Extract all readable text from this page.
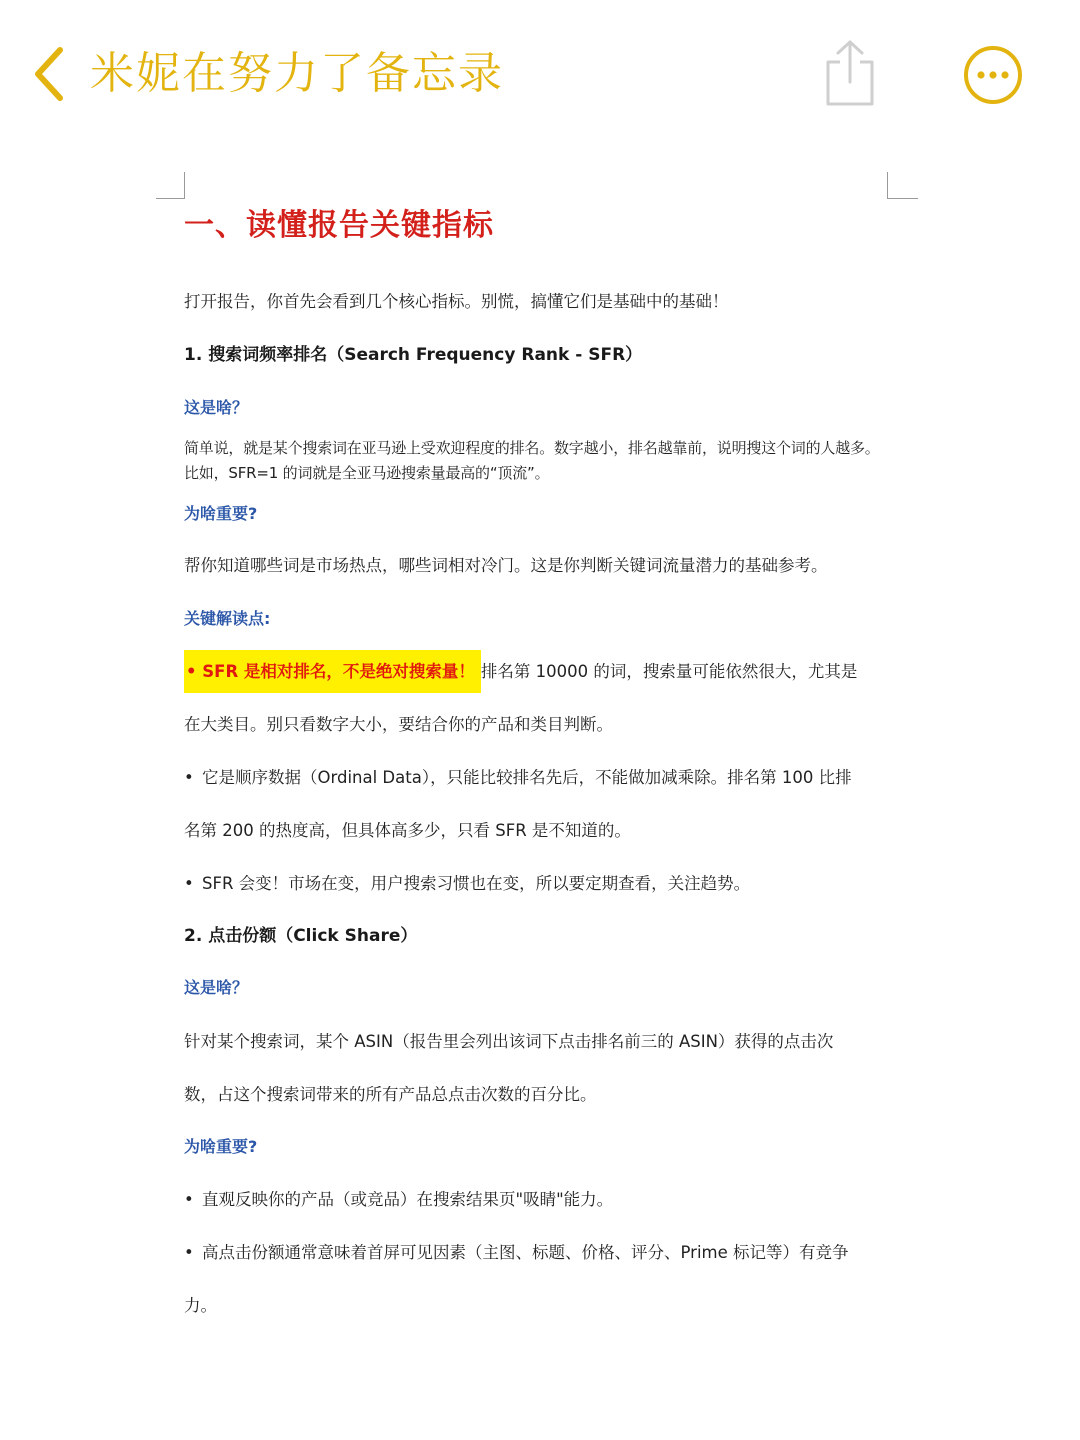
米妮在努力了备忘录
一、读懂报告关键指标
打开报告，你首先会看到几个核心指标。别慌，搞懂它们是基础中的基础！
1. 搜索词频率排名（Search Frequency Rank - SFR）
这是啥？
简单说，就是某个搜索词在亚马逊上受欢迎程度的排名。数字越小，排名越靠前，说明搜这个词的人越多。
比如，SFR=1 的词就是全亚马逊搜索量最高的“顶流”。
为啥重要?
帮你知道哪些词是市场热点，哪些词相对冷门。这是你判断关键词流量潜力的基础参考。
关键解读点:
• SFR 是相对排名，不是绝对搜索量！ 排名第 10000 的词，搜索量可能依然很大，尤其是
在大类目。别只看数字大小，要结合你的产品和类目判断。
• 它是顺序数据（Ordinal Data），只能比较排名先后，不能做加减乘除。排名第 100 比排
名第 200 的热度高，但具体高多少，只看 SFR 是不知道的。
• SFR 会变！市场在变，用户搜索习惯也在变，所以要定期查看，关注趋势。
2. 点击份额（Click Share）
这是啥？
针对某个搜索词，某个 ASIN（报告里会列出该词下点击排名前三的 ASIN）获得的点击次
数，占这个搜索词带来的所有产品总点击次数的百分比。
为啥重要?
• 直观反映你的产品（或竞品）在搜索结果页"吸睛"能力。
• 高点击份额通常意味着首屏可见因素（主图、标题、价格、评分、Prime 标记等）有竞争
力。
